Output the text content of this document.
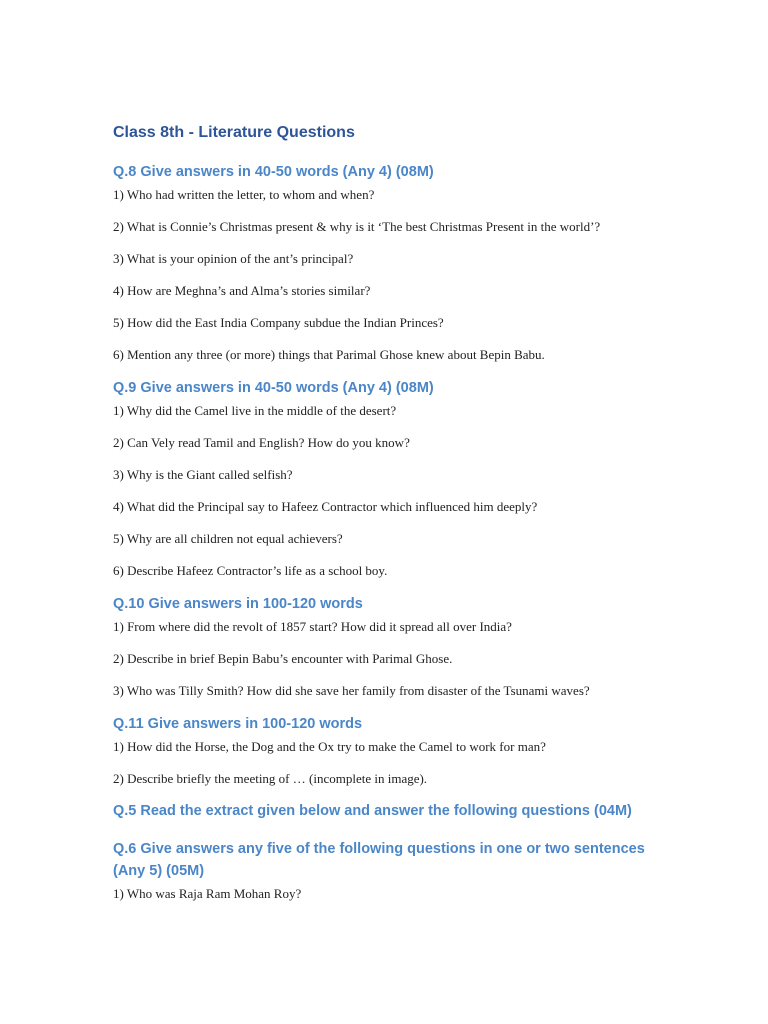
Class 8th - Literature Questions
Q.8 Give answers in 40-50 words (Any 4) (08M)

1) Who had written the letter, to whom and when?

2) What is Connie’s Christmas present & why is it ‘The best Christmas Present in the world’?

3) What is your opinion of the ant’s principal?

4) How are Meghna’s and Alma’s stories similar?

5) How did the East India Company subdue the Indian Princes?

6) Mention any three (or more) things that Parimal Ghose knew about Bepin Babu.

Q.9 Give answers in 40-50 words (Any 4) (08M)

1) Why did the Camel live in the middle of the desert?

2) Can Vely read Tamil and English? How do you know?

3) Why is the Giant called selfish?

4) What did the Principal say to Hafeez Contractor which influenced him deeply?

5) Why are all children not equal achievers?

6) Describe Hafeez Contractor’s life as a school boy.

Q.10 Give answers in 100-120 words

1) From where did the revolt of 1857 start? How did it spread all over India?

2) Describe in brief Bepin Babu’s encounter with Parimal Ghose.

3) Who was Tilly Smith? How did she save her family from disaster of the Tsunami waves?

Q.11 Give answers in 100-120 words

1) How did the Horse, the Dog and the Ox try to make the Camel to work for man?

2) Describe briefly the meeting of … (incomplete in image).

Q.5 Read the extract given below and answer the following questions (04M)
Q.6 Give answers any five of the following questions in one or two sentences (Any 5) (05M)

1) Who was Raja Ram Mohan Roy?
